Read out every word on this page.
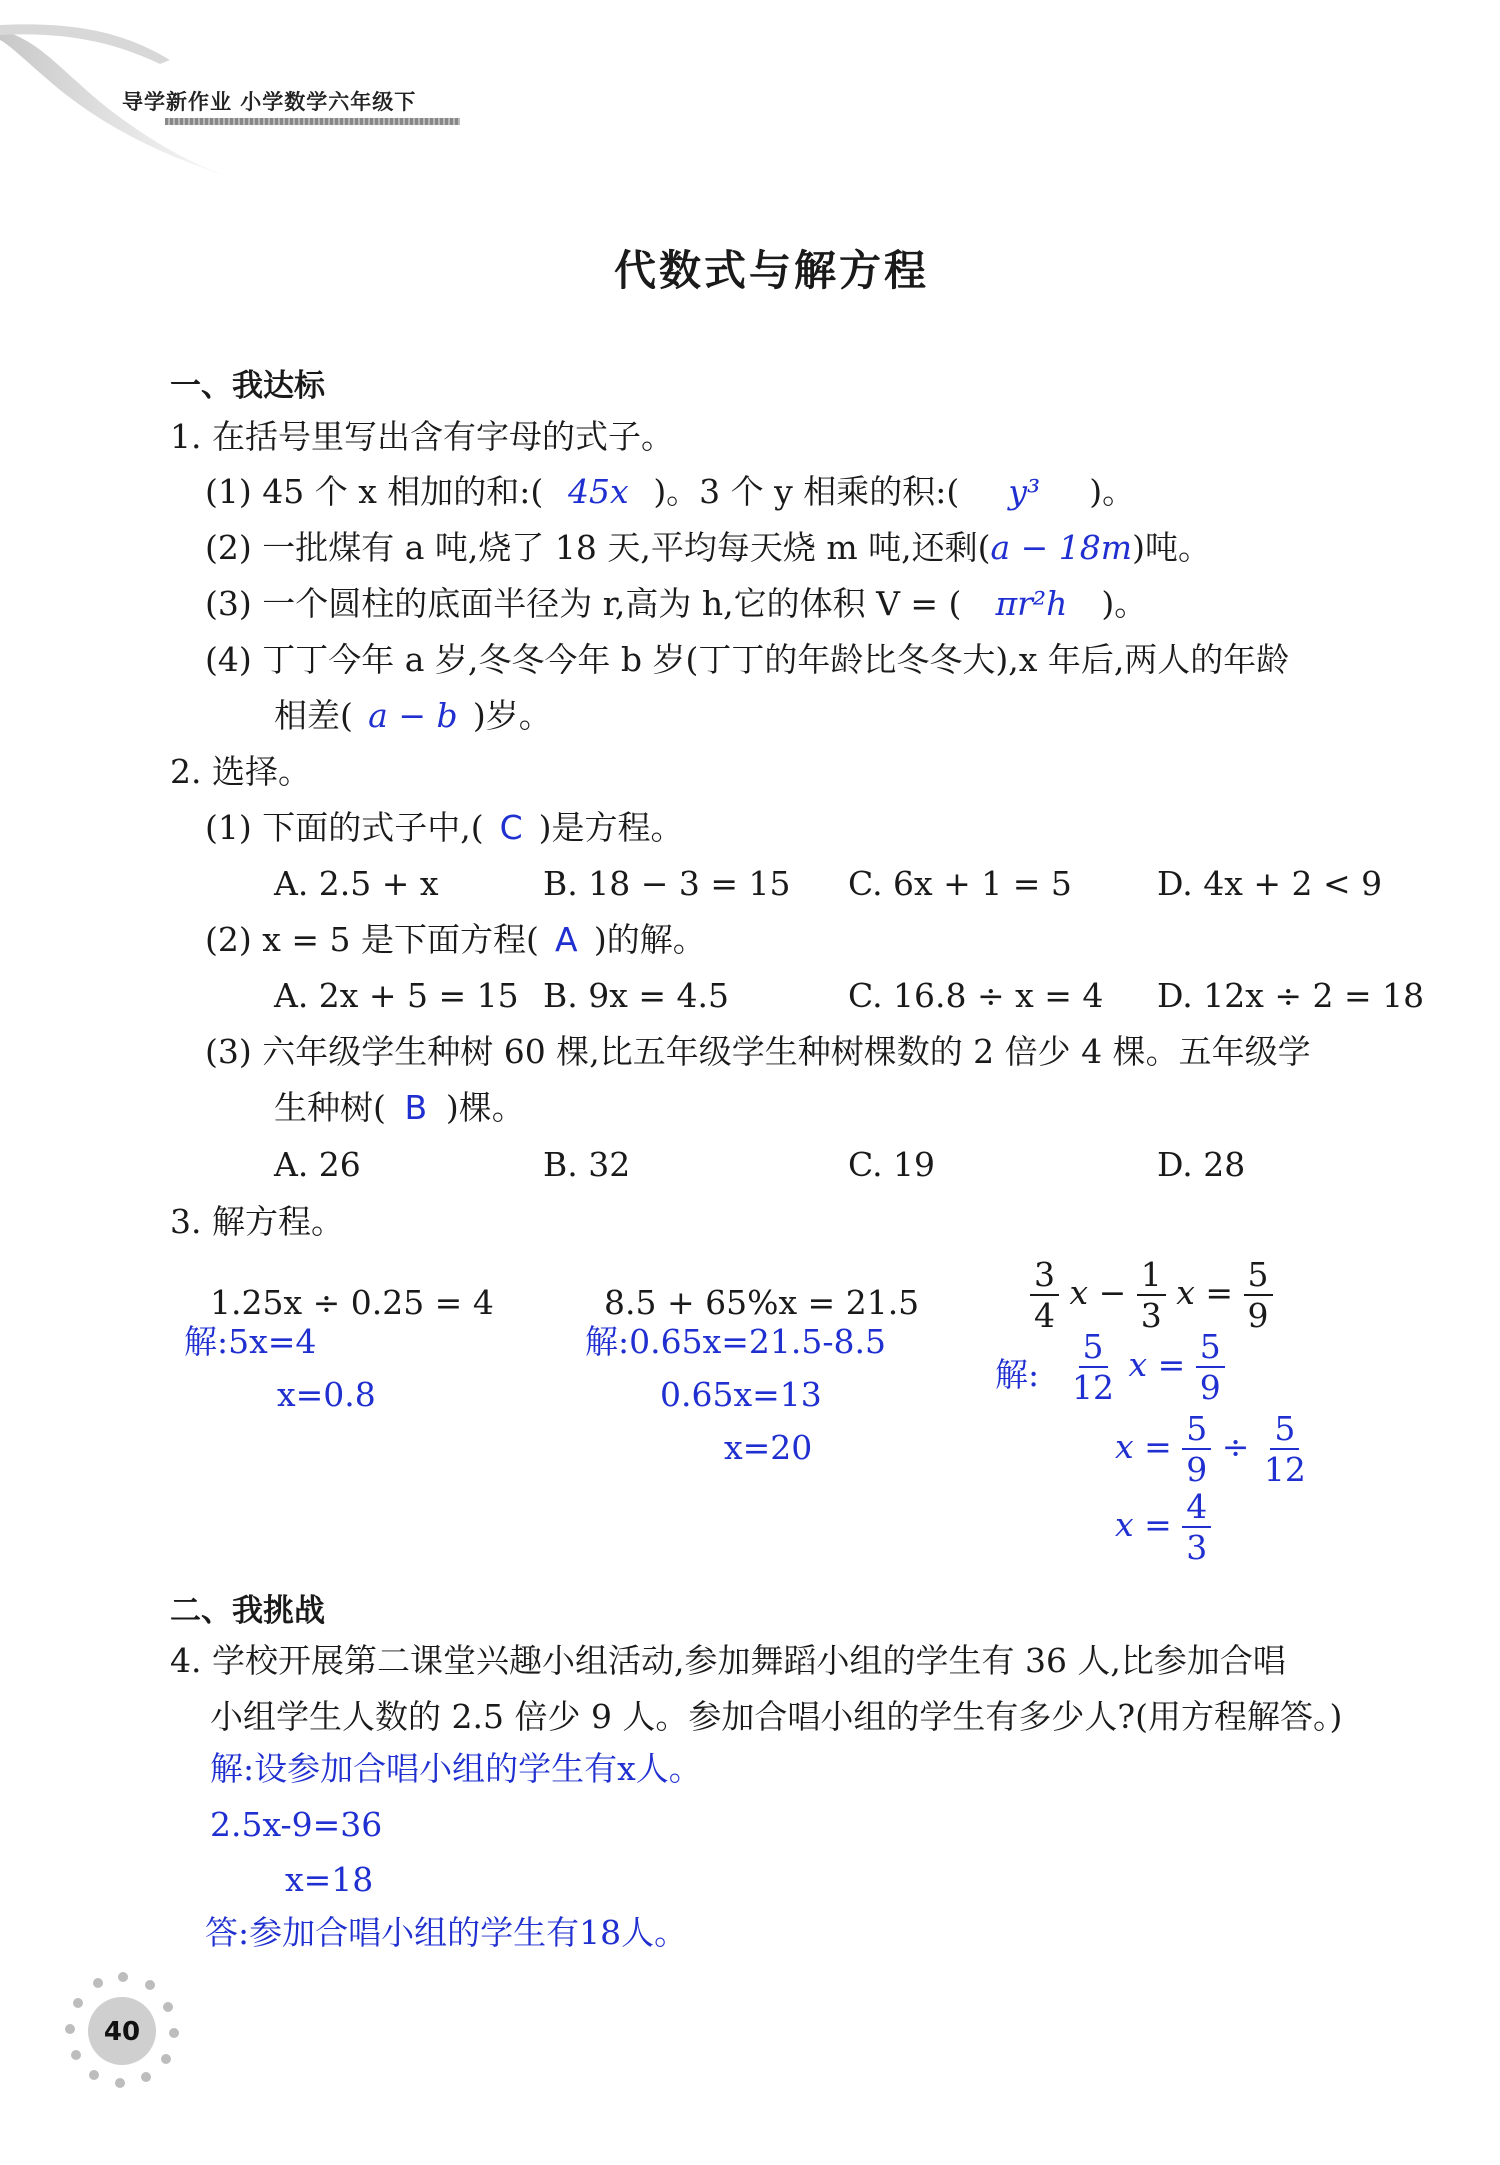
导学新作业 小学数学六年级下
代数式与解方程
一、我达标
1. 在括号里写出含有字母的式子。
(1) 45 个 x 相加的和:( 45x )。3 个 y 相乘的积:( y³ )。
(2) 一批煤有 a 吨,烧了 18 天,平均每天烧 m 吨,还剩(a − 18m)吨。
(3) 一个圆柱的底面半径为 r,高为 h,它的体积 V = ( πr²h )。
(4) 丁丁今年 a 岁,冬冬今年 b 岁(丁丁的年龄比冬冬大),x 年后,两人的年龄
相差( a − b )岁。
2. 选择。
(1) 下面的式子中,( C )是方程。
A. 2.5 + x	B. 18 − 3 = 15 C. 6x + 1 = 5	D. 4x + 2 < 9
(2) x = 5 是下面方程( A )的解。
A. 2x + 5 = 15 B. 9x = 4.5	C. 16.8 ÷ x = 4 D. 12x ÷ 2 = 18
(3) 六年级学生种树 60 棵,比五年级学生种树棵数的 2 倍少 4 棵。五年级学
生种树( B )棵。
A. 26	B. 32	C. 19	D. 28
3. 解方程。
1.25x ÷ 0.25 = 4
解:5x=4
x=0.8
8.5 + 65%x = 21.5
解:0.65x=21.5-8.5
0.65x=13
x=20
$\frac{3}{4}$ $x - \frac{1}{3}$ $x = \frac{5}{9}$
解: $\frac{5}{12}$ $x = \frac{5}{9}$
$x = \frac{5}{9} \div \frac{5}{12}$
$x = \frac{4}{3}$
二、我挑战
4. 学校开展第二课堂兴趣小组活动,参加舞蹈小组的学生有 36 人,比参加合唱
小组学生人数的 2.5 倍少 9 人。参加合唱小组的学生有多少人?(用方程解答。)
解:设参加合唱小组的学生有x人。
2.5x-9=36
x=18
答:参加合唱小组的学生有18人。
40
